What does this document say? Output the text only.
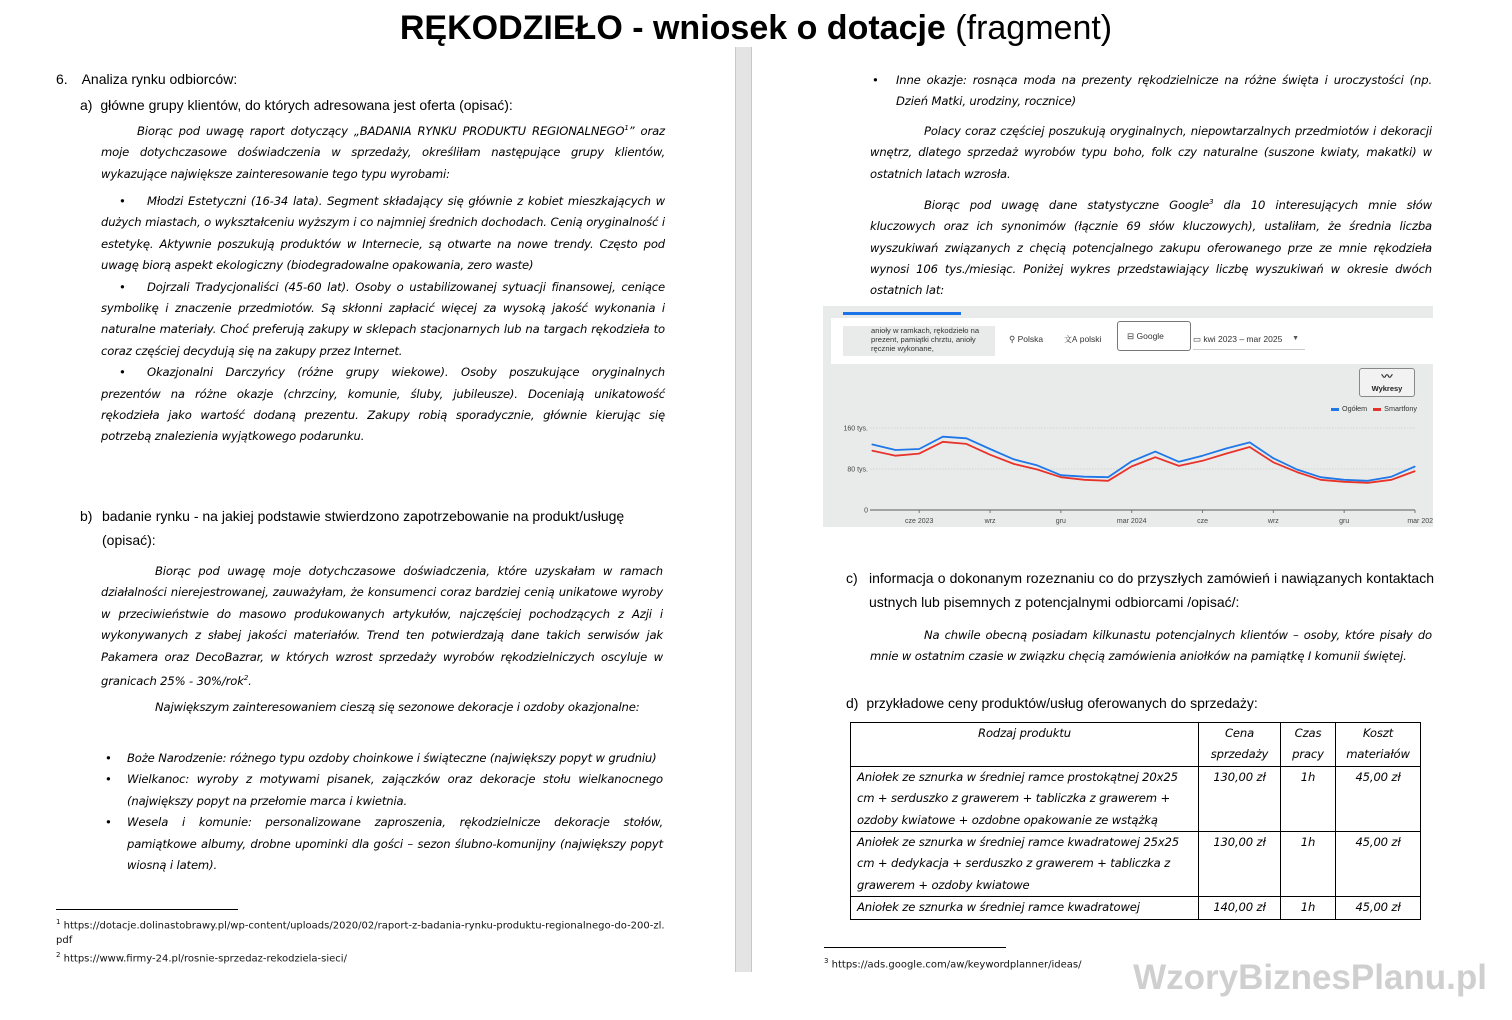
RĘKODZIEŁO - wniosek o dotacje (fragment)
6. Analiza rynku odbiorców:
a) główne grupy klientów, do których adresowana jest oferta (opisać):
Biorąc pod uwagę raport dotyczący „BADANIA RYNKU PRODUKTU REGIONALNEGO$^1$” oraz moje dotychczasowe doświadczenia w sprzedaży, określiłam następujące grupy klientów, wykazujące największe zainteresowanie tego typu wyrobami:
• Młodzi Estetyczni (16-34 lata). Segment składający się głównie z kobiet mieszkających w dużych miastach, o wykształceniu wyższym i co najmniej średnich dochodach. Cenią oryginalność i estetykę. Aktywnie poszukują produktów w Internecie, są otwarte na nowe trendy. Często pod uwagę biorą aspekt ekologiczny (biodegradowalne opakowania, zero waste)
• Dojrzali Tradycjonaliści (45-60 lat). Osoby o ustabilizowanej sytuacji finansowej, ceniące symbolikę i znaczenie przedmiotów. Są skłonni zapłacić więcej za wysoką jakość wykonania i naturalne materiały. Choć preferują zakupy w sklepach stacjonarnych lub na targach rękodzieła to coraz częściej decydują się na zakupy przez Internet.
• Okazjonalni Darczyńcy (różne grupy wiekowe). Osoby poszukujące oryginalnych prezentów na różne okazje (chrzciny, komunie, śluby, jubileusze). Doceniają unikatowość rękodzieła jako wartość dodaną prezentu. Zakupy robią sporadycznie, głównie kierując się potrzebą znalezienia wyjątkowego podarunku.
b) badanie rynku - na jakiej podstawie stwierdzono zapotrzebowanie na produkt/usługę (opisać):
Biorąc pod uwagę moje dotychczasowe doświadczenia, które uzyskałam w ramach działalności nierejestrowanej, zauważyłam, że konsumenci coraz bardziej cenią unikatowe wyroby w przeciwieństwie do masowo produkowanych artykułów, najczęściej pochodzących z Azji i wykonywanych z słabej jakości materiałów. Trend ten potwierdzają dane takich serwisów jak Pakamera oraz DecoBazrar, w których wzrost sprzedaży wyrobów rękodzielniczych oscyluje w granicach 25% - 30%/rok$^2$.
Największym zainteresowaniem cieszą się sezonowe dekoracje i ozdoby okazjonalne:
• Boże Narodzenie: różnego typu ozdoby choinkowe i świąteczne (największy popyt w grudniu)
• Wielkanoc: wyroby z motywami pisanek, zajączków oraz dekoracje stołu wielkanocnego (największy popyt na przełomie marca i kwietnia.
• Wesela i komunie: personalizowane zaproszenia, rękodzielnicze dekoracje stołów, pamiątkowe albumy, drobne upominki dla gości – sezon ślubno-komunijny (największy popyt wiosną i latem).
$^1$ https://dotacje.dolinastobrawy.pl/wp-content/uploads/2020/02/raport-z-badania-rynku-produktu-regionalnego-do-200-zl.pdf
$^2$ https://www.firmy-24.pl/rosnie-sprzedaz-rekodziela-sieci/
• Inne okazje: rosnąca moda na prezenty rękodzielnicze na różne święta i uroczystości (np. Dzień Matki, urodziny, rocznice)
Polacy coraz częściej poszukują oryginalnych, niepowtarzalnych przedmiotów i dekoracji wnętrz, dlatego sprzedaż wyrobów typu boho, folk czy naturalne (suszone kwiaty, makatki) w ostatnich latach wzrosła.
Biorąc pod uwagę dane statystyczne Google$^3$ dla 10 interesujących mnie słów kluczowych oraz ich synonimów (łącznie 69 słów kluczowych), ustaliłam, że średnia liczba wyszukiwań związanych z chęcią potencjalnego zakupu oferowanego prze ze mnie rękodzieła wynosi 106 tys./miesiąc. Poniżej wykres przedstawiający liczbę wyszukiwań w okresie dwóch ostatnich lat:
anioły w ramkach, rękodzieło na prezent, pamiątki chrztu, anioły ręcznie wykonane,
⚲ Polska	文A polski	⊟ Google	▭ kwi 2023 – mar 2025 ▼
〰
Wykresy
Ogółem Smartfony
0
80 tys.
160 tys.
cze 2023	wrz	gru	mar 2024	cze	wrz	gru	mar 202
c) informacja o dokonanym rozeznaniu co do przyszłych zamówień i nawiązanych kontaktach ustnych lub pisemnych z potencjalnymi odbiorcami /opisać/:
Na chwile obecną posiadam kilkunastu potencjalnych klientów – osoby, które pisały do mnie w ostatnim czasie w związku chęcią zamówienia aniołków na pamiątkę I komunii świętej.
d) przykładowe ceny produktów/usług oferowanych do sprzedaży:
Rodzaj produktu	Cena sprzedaży	Czas pracy	Koszt materiałów
Aniołek ze sznurka w średniej ramce prostokątnej 20x25 cm + serduszko z grawerem + tabliczka z grawerem + ozdoby kwiatowe + ozdobne opakowanie ze wstążką	130,00 zł	1h	45,00 zł
Aniołek ze sznurka w średniej ramce kwadratowej 25x25 cm + dedykacja + serduszko z grawerem + tabliczka z grawerem + ozdoby kwiatowe	130,00 zł	1h	45,00 zł
Aniołek ze sznurka w średniej ramce kwadratowej	140,00 zł	1h	45,00 zł
$^3$ https://ads.google.com/aw/keywordplanner/ideas/ WzoryBiznesPlanu.pl
